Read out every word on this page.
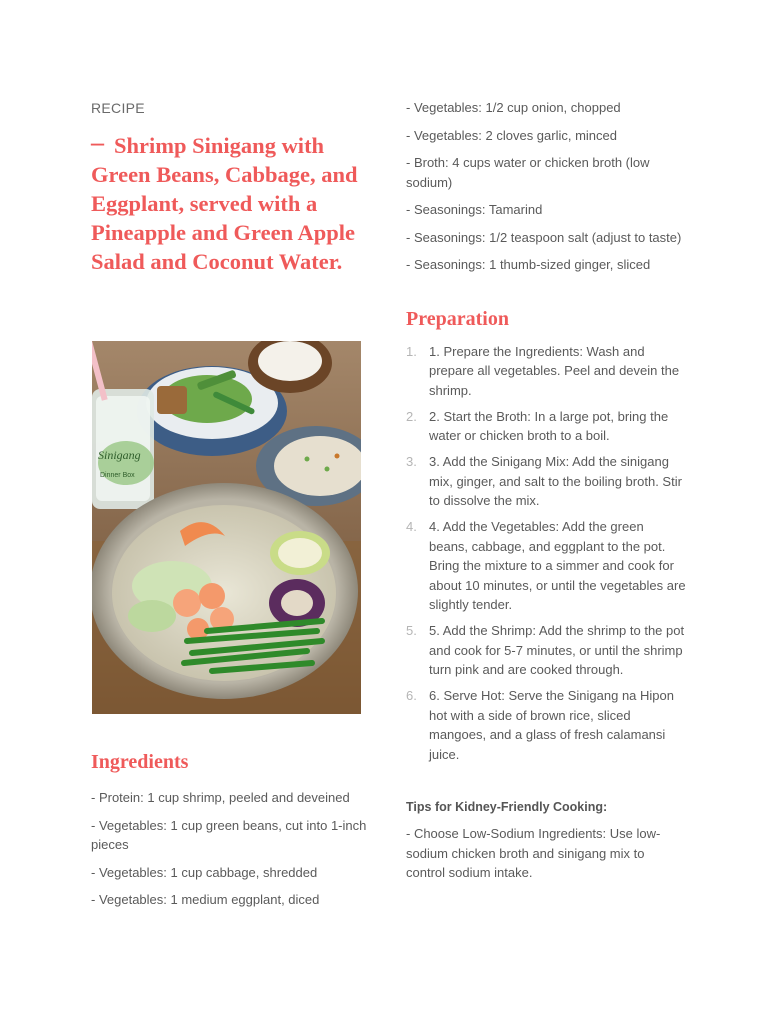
RECIPE

– Shrimp Sinigang with Green Beans, Cabbage, and Eggplant, served with a Pineapple and Green Apple Salad and Coconut Water.
Sinigang
Dinner Box
Ingredients
- Protein: 1 cup shrimp, peeled and deveined
- Vegetables: 1 cup green beans, cut into 1-inch pieces
- Vegetables: 1 cup cabbage, shredded
- Vegetables: 1 medium eggplant, diced
- Vegetables: 1/2 cup onion, chopped
- Vegetables: 2 cloves garlic, minced
- Broth: 4 cups water or chicken broth (low sodium)
- Seasonings: Tamarind
- Seasonings: 1/2 teaspoon salt (adjust to taste)
- Seasonings: 1 thumb-sized ginger, sliced
Preparation
1. 1. Prepare the Ingredients: Wash and prepare all vegetables. Peel and devein the shrimp.
2. 2. Start the Broth: In a large pot, bring the water or chicken broth to a boil.
3. 3. Add the Sinigang Mix: Add the sinigang mix, ginger, and salt to the boiling broth. Stir to dissolve the mix.
4. 4. Add the Vegetables: Add the green beans, cabbage, and eggplant to the pot. Bring the mixture to a simmer and cook for about 10 minutes, or until the vegetables are slightly tender.
5. 5. Add the Shrimp: Add the shrimp to the pot and cook for 5-7 minutes, or until the shrimp turn pink and are cooked through.
6. 6. Serve Hot: Serve the Sinigang na Hipon hot with a side of brown rice, sliced mangoes, and a glass of fresh calamansi juice.

Tips for Kidney-Friendly Cooking:

- Choose Low-Sodium Ingredients: Use low-sodium chicken broth and sinigang mix to control sodium intake.
